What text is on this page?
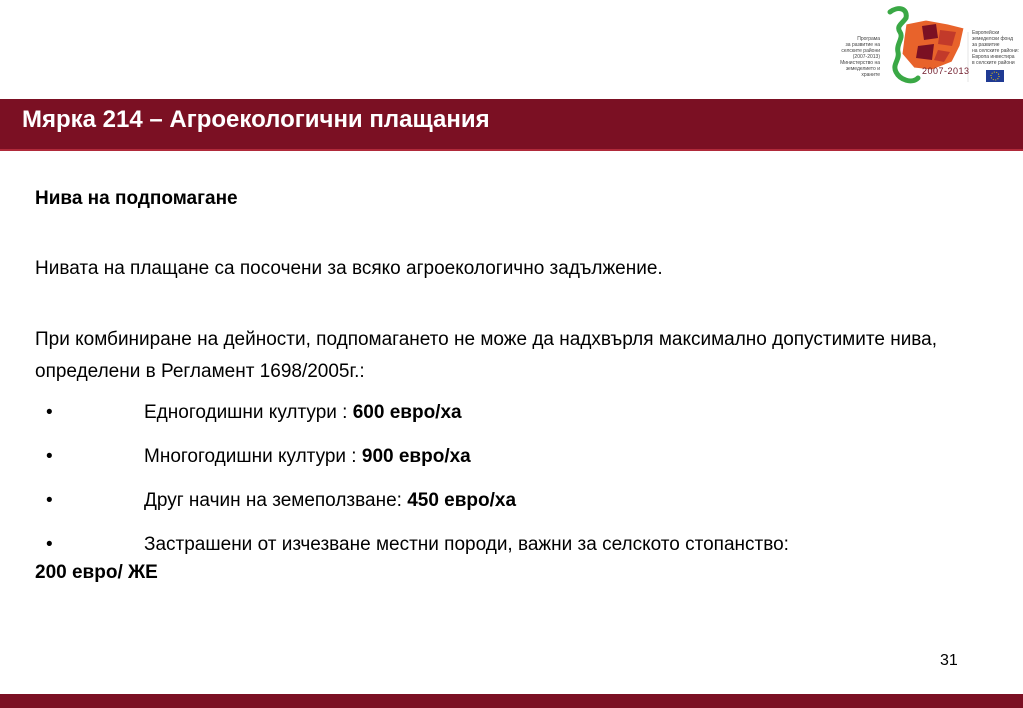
Програма
за развитие на
селските райони
(2007-2013)
Министерство на
земеделието и
храните	2007-2013
Европейски
земеделски фонд
за развитие
на селските райони:
Европа инвестира
в селските райони
Мярка 214 – Агроекологични плащания
Нива на подпомагане
Нивата на плащане са посочени за всяко агроекологично задължение.
При комбиниране на дейности, подпомагането не може да надхвърля максимално допустимите нива, определени в Регламент 1698/2005г.:
•	Едногодишни култури : 600 евро/ха
•	Многогодишни култури : 900 евро/ха
•	Друг начин на земеползване: 450 евро/ха
•	Застрашени от изчезване местни породи, важни за селското стопанство:
200 евро/ ЖЕ
31
